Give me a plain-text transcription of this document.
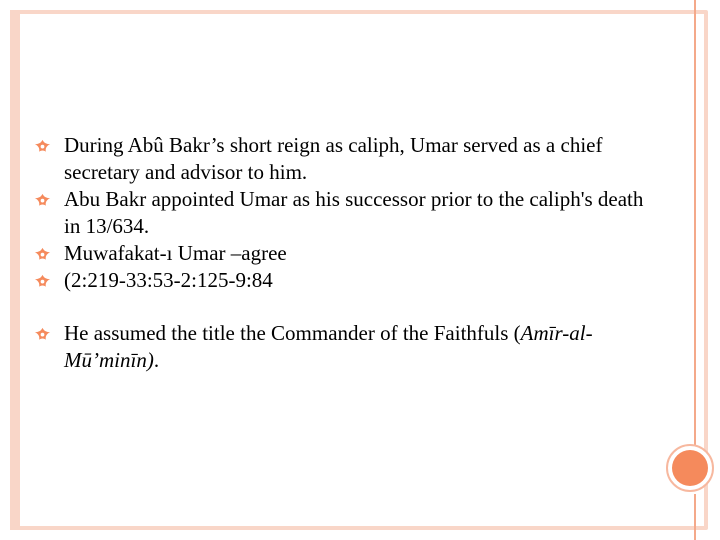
During Abû Bakr’s short reign as caliph, Umar served as a chief secretary and advisor to him.
Abu Bakr appointed Umar as his successor prior to the caliph's death in 13/634.
Muwafakat-ı Umar –agree
(2:219-33:53-2:125-9:84
He assumed the title the Commander of the Faithfuls (Amīr-al-Mū’minīn).
